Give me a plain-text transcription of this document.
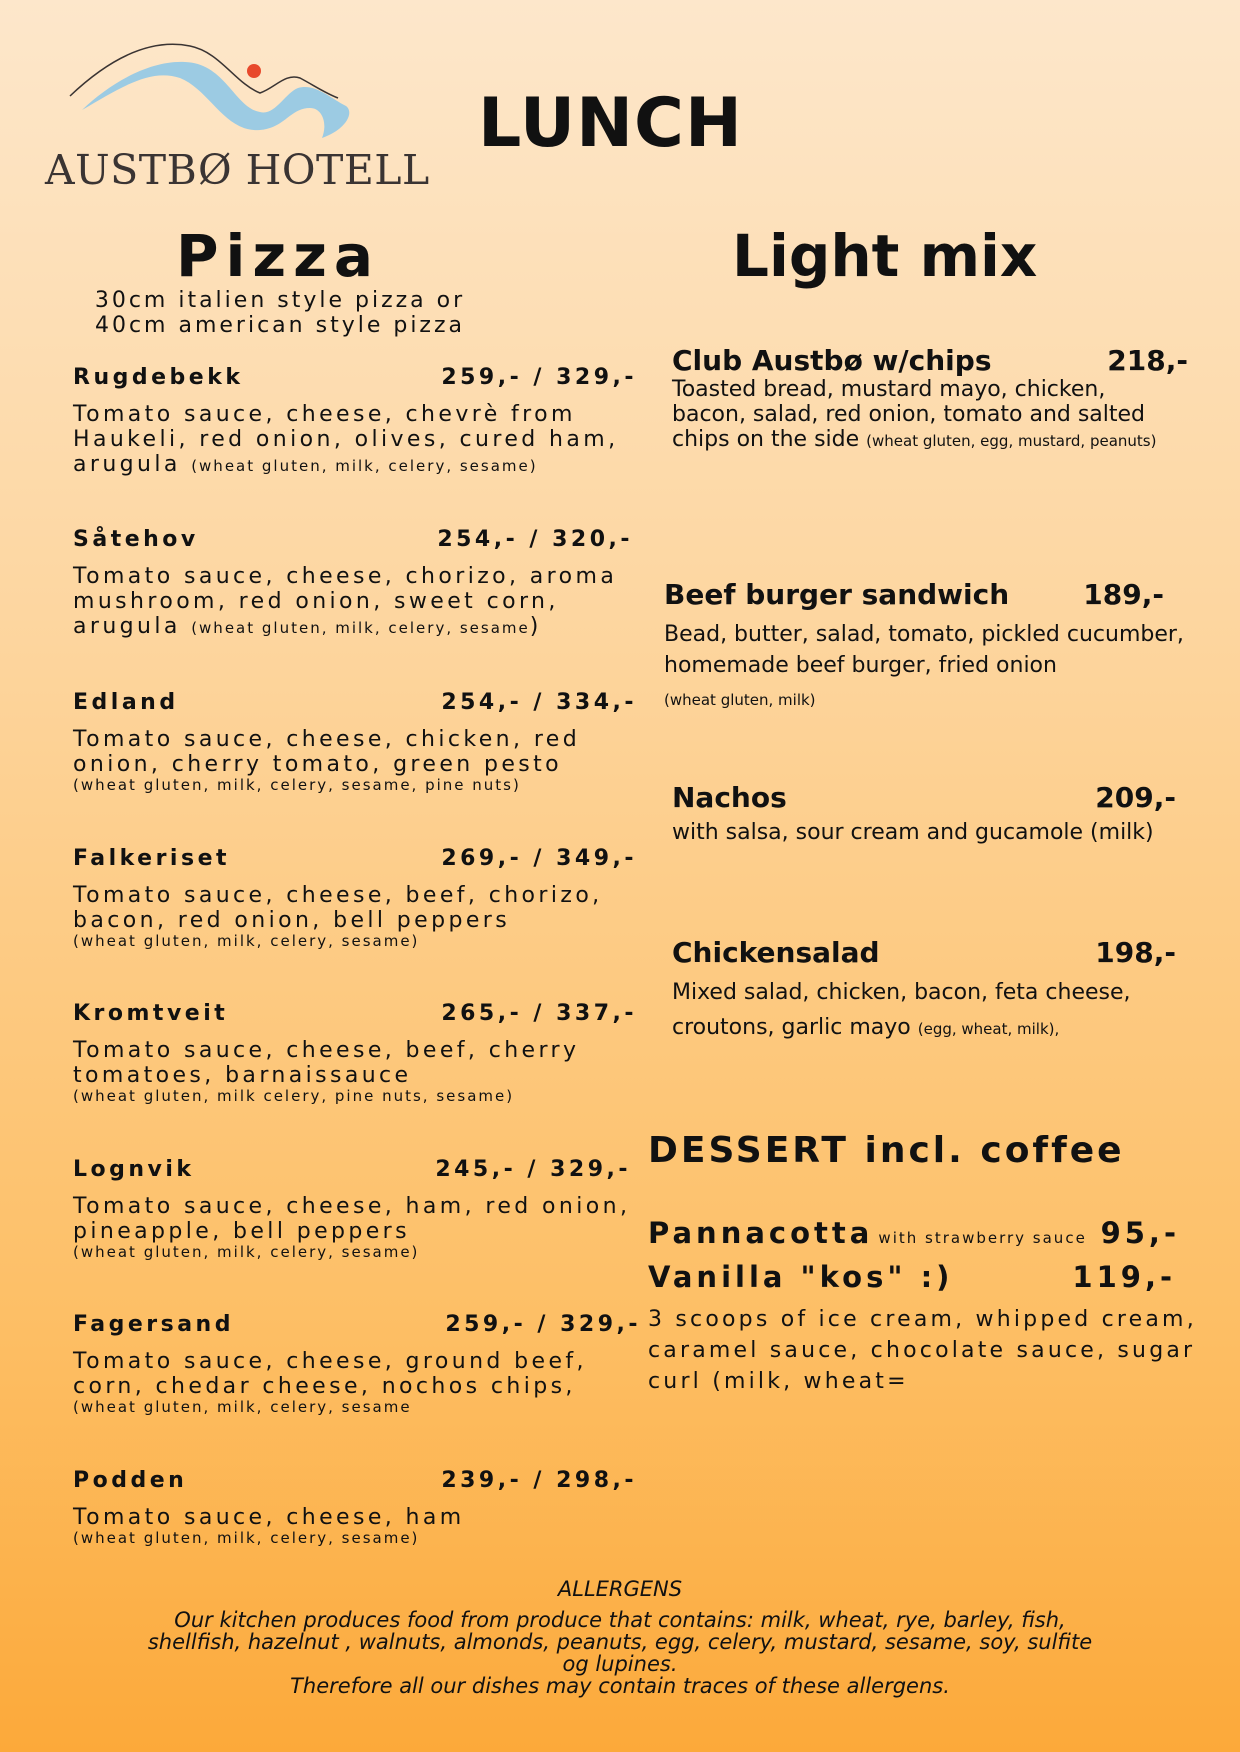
AUSTBØ HOTELL
LUNCH
Pizza
30cm italien style pizza or
40cm american style pizza
Rugdebekk	259,- / 329,-
Tomato sauce, cheese, chevrè from Haukeli, red onion, olives, cured ham, arugula (wheat gluten, milk, celery, sesame)
Såtehov	254,- / 320,-
Tomato sauce, cheese, chorizo, aroma mushroom, red onion, sweet corn, arugula (wheat gluten, milk, celery, sesame)
Edland	254,- / 334,-
Tomato sauce, cheese, chicken, red onion, cherry tomato, green pesto
(wheat gluten, milk, celery, sesame, pine nuts)
Falkeriset	269,- / 349,-
Tomato sauce, cheese, beef, chorizo, bacon, red onion, bell peppers
(wheat gluten, milk, celery, sesame)
Kromtveit	265,- / 337,-
Tomato sauce, cheese, beef, cherry tomatoes, barnaissauce
(wheat gluten, milk celery, pine nuts, sesame)
Lognvik	245,- / 329,-
Tomato sauce, cheese, ham, red onion, pineapple, bell peppers
(wheat gluten, milk, celery, sesame)
Fagersand	259,- / 329,-
Tomato sauce, cheese, ground beef, corn, chedar cheese, nochos chips,
(wheat gluten, milk, celery, sesame
Podden	239,- / 298,-
Tomato sauce, cheese, ham
(wheat gluten, milk, celery, sesame)
Light mix
Club Austbø w/chips	218,-
Toasted bread, mustard mayo, chicken, bacon, salad, red onion, tomato and salted chips on the side (wheat gluten, egg, mustard, peanuts)
Beef burger sandwich	189,-
Bead, butter, salad, tomato, pickled cucumber, homemade beef burger, fried onion
(wheat gluten, milk)
Nachos	209,-
with salsa, sour cream and gucamole (milk)
Chickensalad	198,-
Mixed salad, chicken, bacon, feta cheese, croutons, garlic mayo (egg, wheat, milk),
DESSERT incl. coffee
Pannacotta with strawberry sauce 95,-
Vanilla "kos" :)	119,-
3 scoops of ice cream, whipped cream, caramel sauce, chocolate sauce, sugar curl (milk, wheat=
ALLERGENS
Our kitchen produces food from produce that contains: milk, wheat, rye, barley, fish,
shellfish, hazelnut , walnuts, almonds, peanuts, egg, celery, mustard, sesame, soy, sulfite
og lupines.
Therefore all our dishes may contain traces of these allergens.
